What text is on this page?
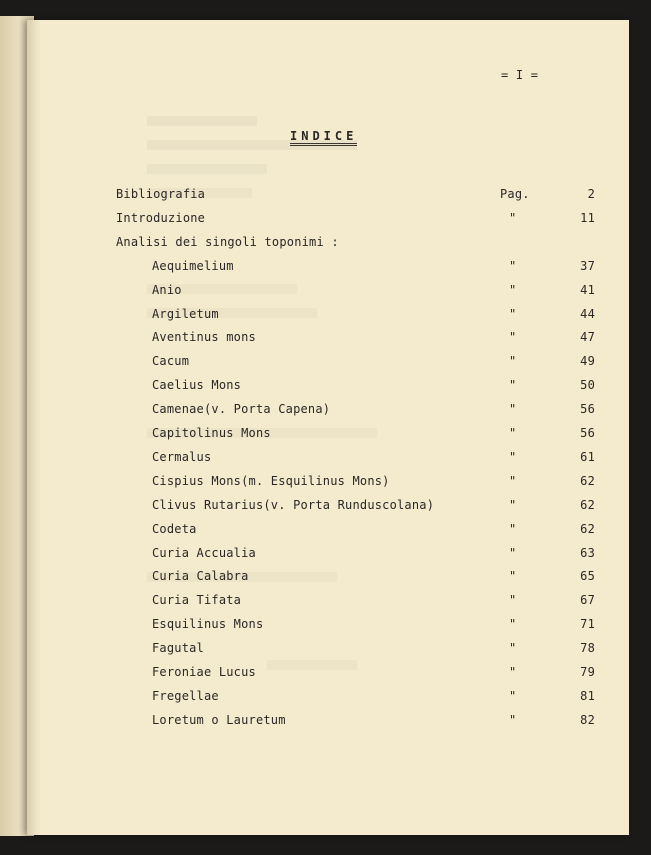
= I =
INDICE
Bibliografia	Pag.	2
Introduzione	"	11
Analisi dei singoli toponimi :
Aequimelium	"	37
Anio	"	41
Argiletum	"	44
Aventinus mons	"	47
Cacum	"	49
Caelius Mons	"	50
Camenae(v. Porta Capena)	"	56
Capitolinus Mons	"	56
Cermalus	"	61
Cispius Mons(m. Esquilinus Mons)	"	62
Clivus Rutarius(v. Porta Runduscolana)	"	62
Codeta	"	62
Curia Accualia	"	63
Curia Calabra	"	65
Curia Tifata	"	67
Esquilinus Mons	"	71
Fagutal	"	78
Feroniae Lucus	"	79
Fregellae	"	81
Loretum o Lauretum	"	82
